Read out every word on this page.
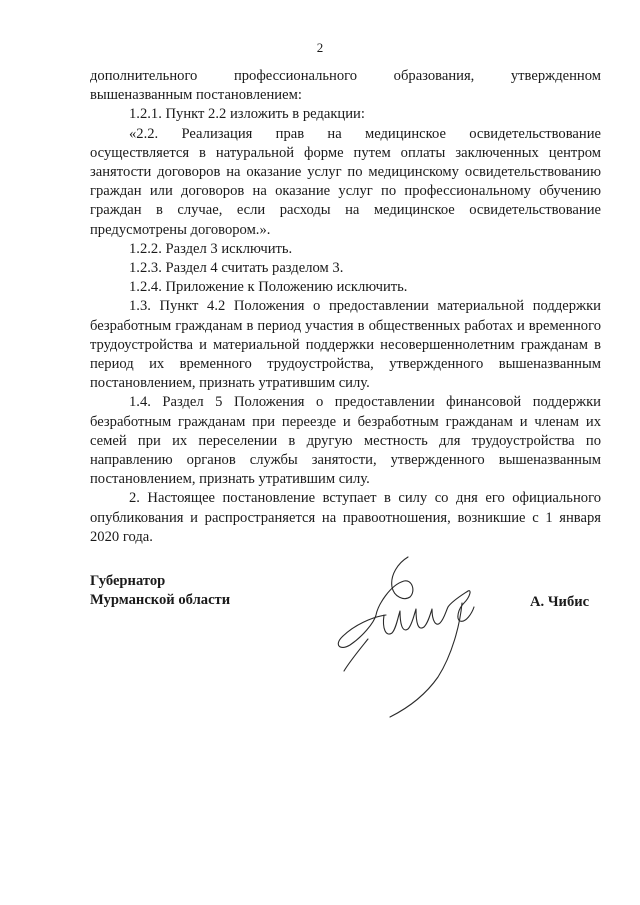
2

дополнительного профессионального образования, утвержденном вышеназванным постановлением:

1.2.1. Пункт 2.2 изложить в редакции:

«2.2. Реализация прав на медицинское освидетельствование осуществляется в натуральной форме путем оплаты заключенных центром занятости договоров на оказание услуг по медицинскому освидетельствованию граждан или договоров на оказание услуг по профессиональному обучению граждан в случае, если расходы на медицинское освидетельствование предусмотрены договором.».

1.2.2. Раздел 3 исключить.

1.2.3. Раздел 4 считать разделом 3.

1.2.4. Приложение к Положению исключить.

1.3. Пункт 4.2 Положения о предоставлении материальной поддержки безработным гражданам в период участия в общественных работах и временного трудоустройства и материальной поддержки несовершеннолетним гражданам в период их временного трудоустройства, утвержденного вышеназванным постановлением, признать утратившим силу.

1.4. Раздел 5 Положения о предоставлении финансовой поддержки безработным гражданам при переезде и безработным гражданам и членам их семей при их переселении в другую местность для трудоустройства по направлению органов службы занятости, утвержденного вышеназванным постановлением, признать утратившим силу.

2. Настоящее постановление вступает в силу со дня его официального опубликования и распространяется на правоотношения, возникшие с 1 января 2020 года.

Губернатор
Мурманской области	А. Чибис
